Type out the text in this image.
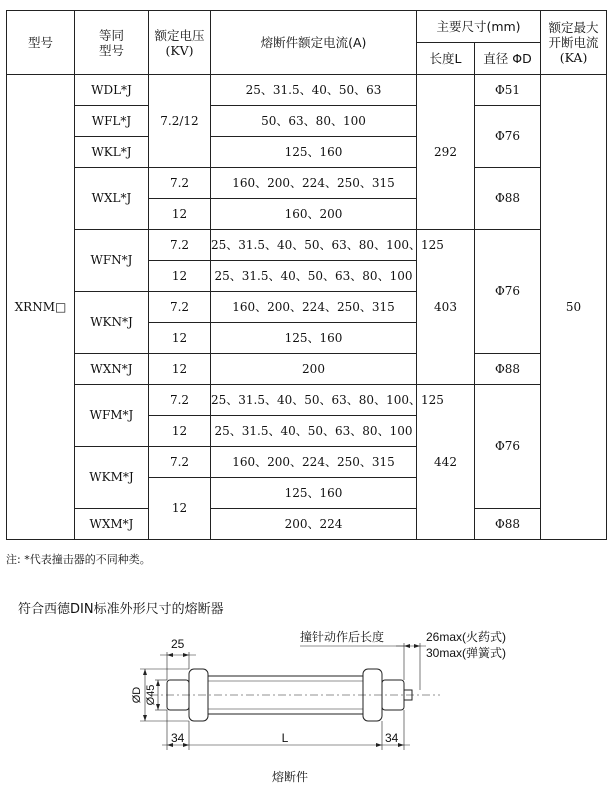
型号	等同
型号	额定电压
(KV)	熔断件额定电流(A)	主要尺寸(mm)		额定最大
开断电流
(KA)
				长度L	直径 ΦD	
XRNM□	WDL*J	7.2/12	25、31.5、40、50、63	292	Φ51	50
	WFL*J		50、63、80、100		Φ76	
	WKL*J		125、160			
	WXL*J	7.2	160、200、224、250、315		Φ88	
		12	160、200			
	WFN*J	7.2	25、31.5、40、50、63、80、100、125	403	Φ76	
		12	25、31.5、40、50、63、80、100			
	WKN*J	7.2	160、200、224、250、315			
		12	125、160			
	WXN*J	12	200		Φ88	
	WFM*J	7.2	25、31.5、40、50、63、80、100、125	442	Φ76	
		12	25、31.5、40、50、63、80、100			
	WKM*J	7.2	160、200、224、250、315			
		12	125、160			
	WXM*J		200、224		Φ88	
注: *代表撞击器的不同种类。
符合西德DIN标准外形尺寸的熔断器
25
ØD Ø45
34	L	34
撞针动作后长度	26max(火药式)
30max(弹簧式)
熔断件
